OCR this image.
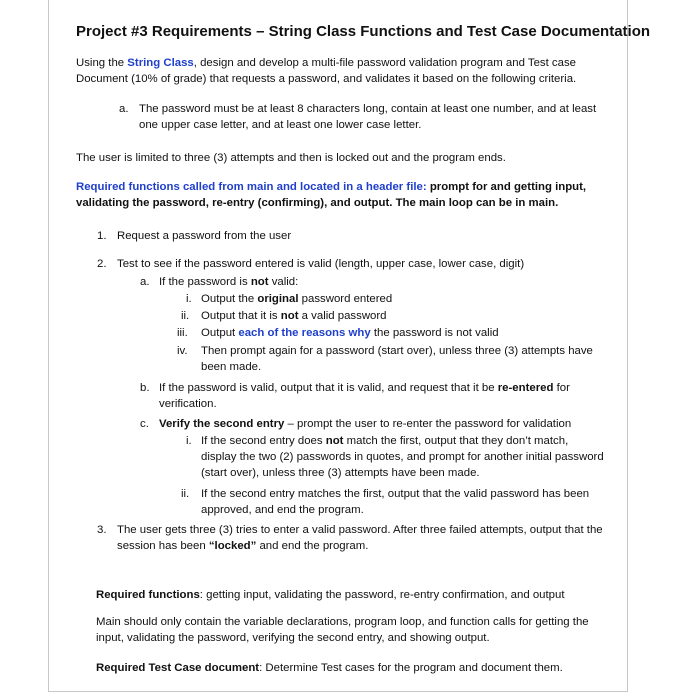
Project #3 Requirements – String Class Functions and Test Case Documentation
Using the String Class, design and develop a multi-file password validation program and Test case Document (10% of grade) that requests a password, and validates it based on the following criteria.
a. The password must be at least 8 characters long, contain at least one number, and at least one upper case letter, and at least one lower case letter.
The user is limited to three (3) attempts and then is locked out and the program ends.
Required functions called from main and located in a header file: prompt for and getting input, validating the password, re-entry (confirming), and output. The main loop can be in main.
1. Request a password from the user
2. Test to see if the password entered is valid (length, upper case, lower case, digit)
a. If the password is not valid:
i. Output the original password entered
ii. Output that it is not a valid password
iii. Output each of the reasons why the password is not valid
iv. Then prompt again for a password (start over), unless three (3) attempts have been made.
b. If the password is valid, output that it is valid, and request that it be re-entered for verification.
c. Verify the second entry – prompt the user to re-enter the password for validation
i. If the second entry does not match the first, output that they don’t match, display the two (2) passwords in quotes, and prompt for another initial password (start over), unless three (3) attempts have been made.
ii. If the second entry matches the first, output that the valid password has been approved, and end the program.
3. The user gets three (3) tries to enter a valid password. After three failed attempts, output that the session has been “locked” and end the program.
Required functions: getting input, validating the password, re-entry confirmation, and output
Main should only contain the variable declarations, program loop, and function calls for getting the input, validating the password, verifying the second entry, and showing output.
Required Test Case document: Determine Test cases for the program and document them.
